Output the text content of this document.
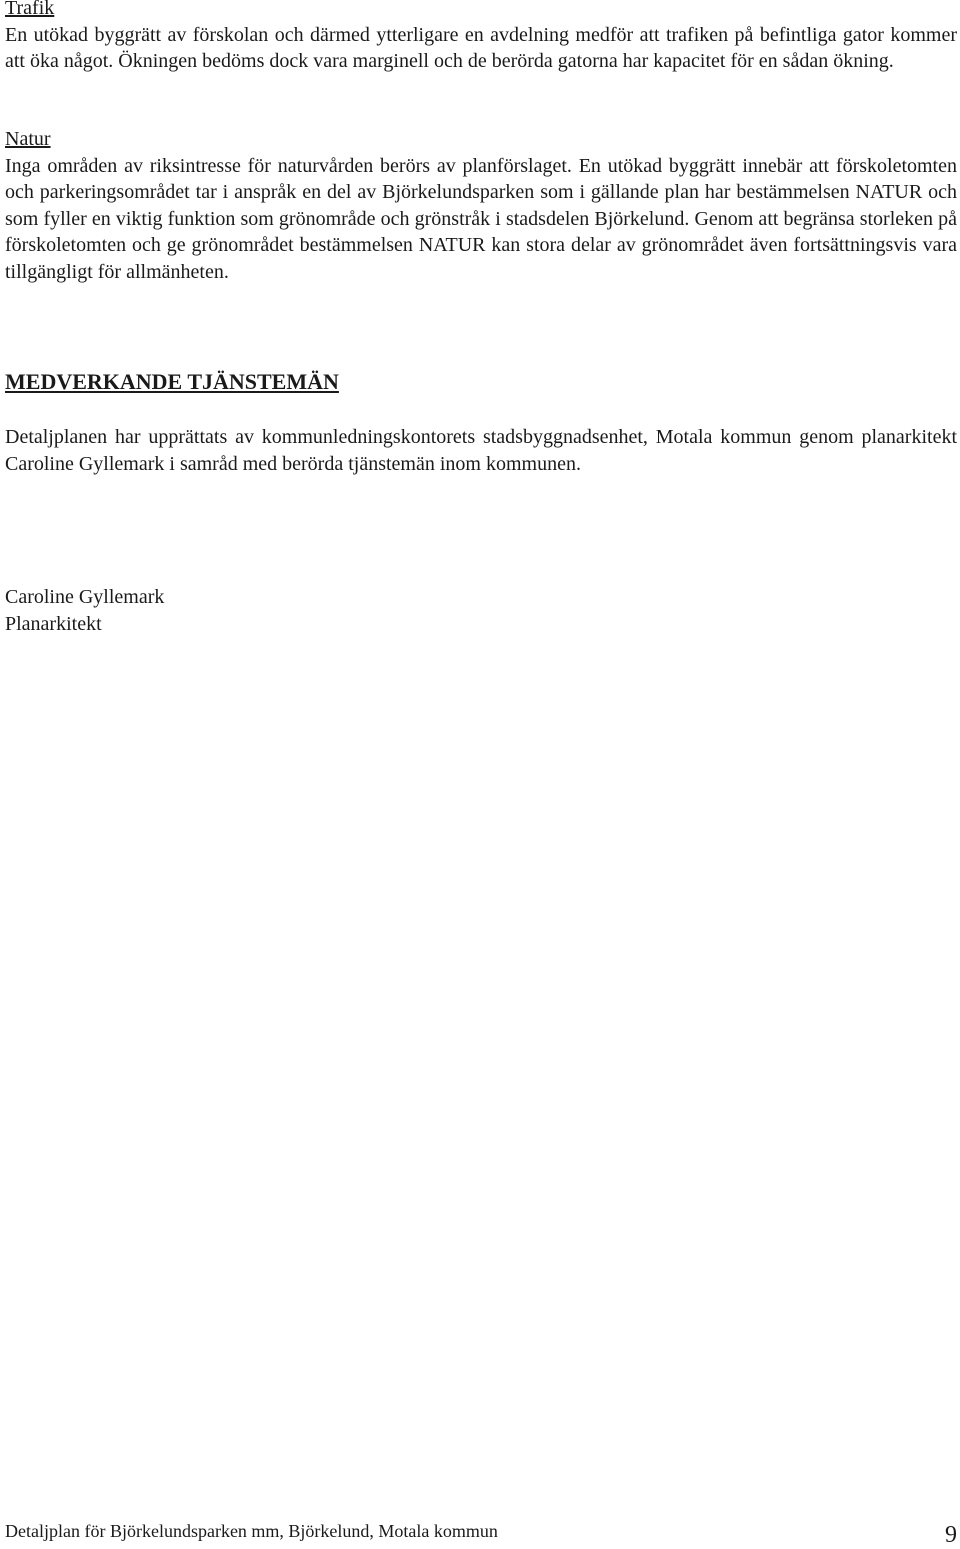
Trafik

En utökad byggrätt av förskolan och därmed ytterligare en avdelning medför att trafiken på befintliga gator kommer att öka något. Ökningen bedöms dock vara marginell och de berörda gatorna har kapacitet för en sådan ökning.

Natur

Inga områden av riksintresse för naturvården berörs av planförslaget. En utökad byggrätt innebär att förskoletomten och parkeringsområdet tar i anspråk en del av Björkelundsparken som i gällande plan har bestämmelsen NATUR och som fyller en viktig funktion som grönområde och grönstråk i stadsdelen Björkelund. Genom att begränsa storleken på förskoletomten och ge grönområdet bestämmelsen NATUR kan stora delar av grönområdet även fortsättningsvis vara tillgängligt för allmänheten.

MEDVERKANDE TJÄNSTEMÄN

Detaljplanen har upprättats av kommunledningskontorets stadsbyggnadsenhet, Motala kommun genom planarkitekt Caroline Gyllemark i samråd med berörda tjänstemän inom kommunen.

Caroline Gyllemark
Planarkitekt
Detaljplan för Björkelundsparken mm, Björkelund, Motala kommun	9
